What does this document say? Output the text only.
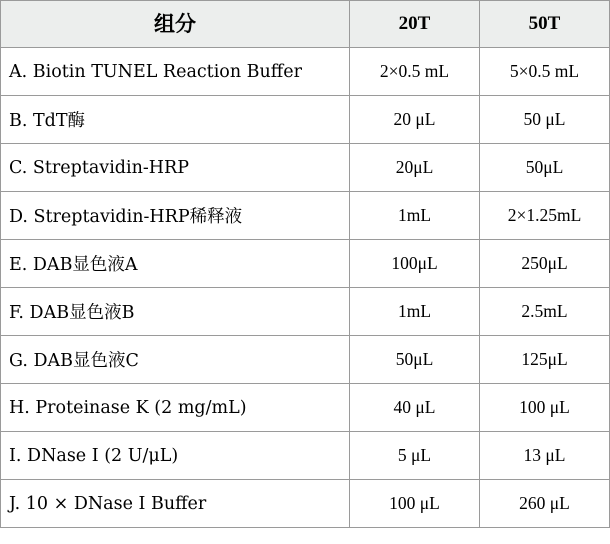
组分	20T	50T
A. Biotin TUNEL Reaction Buffer	2×0.5 mL	5×0.5 mL
B. TdT酶	20 μL	50 μL
C. Streptavidin-HRP	20μL	50μL
D. Streptavidin-HRP稀释液	1mL	2×1.25mL
E. DAB显色液A	100μL	250μL
F. DAB显色液B	1mL	2.5mL
G. DAB显色液C	50μL	125μL
H. Proteinase K (2 mg/mL)	40 μL	100 μL
I. DNase I (2 U/μL)	5 μL	13 μL
J. 10 × DNase I Buffer	100 μL	260 μL
